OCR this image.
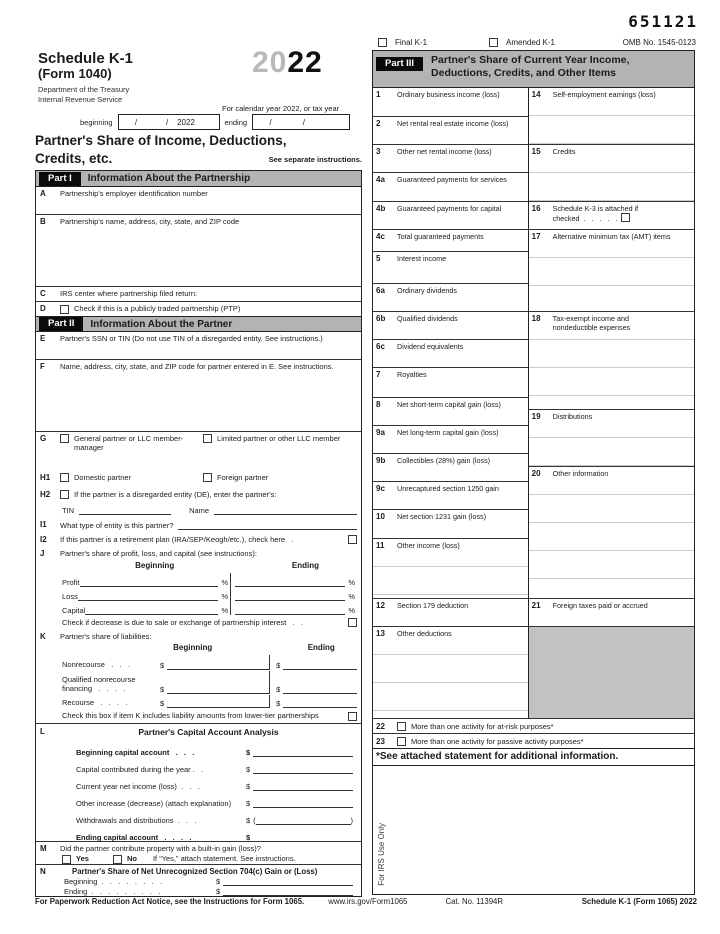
Schedule K-1
(Form 1040)
Department of the Treasury
Internal Revenue Service
2022
For calendar year 2022, or tax year
beginning	/             /    2022	ending	/              /
Partner's Share of Income, Deductions,
Credits, etc.	See separate instructions.
651121
Final K-1	Amended K-1	OMB No. 1545-0123
Part I	Information About the Partnership
A	Partnership's employer identification number
B	Partnership's name, address, city, state, and ZIP code
C	IRS center where partnership filed return:
D	Check if this is a publicly traded partnership (PTP)
Part II	Information About the Partner
E	Partner's SSN or TIN (Do not use TIN of a disregarded entity. See instructions.)
F	Name, address, city, state, and ZIP code for partner entered in E. See instructions.
G	General partner or LLC member-manager
Limited partner or other LLC member
H1	Domestic partner	Foreign partner
H2	If the partner is a disregarded entity (DE), enter the partner's:
TIN	Name
I1	What type of entity is this partner?
I2	If this partner is a retirement plan (IRA/SEP/Keogh/etc.), check here   .
J	Partner's share of profit, loss, and capital (see instructions):
Beginning	Ending
Profit	%	%
Loss	%	%
Capital	%	%
Check if decrease is due to sale or exchange of partnership interest   .   .
K	Partner's share of liabilities:
Beginning	Ending
Nonrecourse   .   .   .	$	$
Qualified nonrecourse
financing   .   .   .   .	$	$
Recourse   .   .   .   .	$	$
Check this box if item K includes liability amounts from lower-tier partnerships
L	Partner's Capital Account Analysis
Beginning capital account   .   .   .	$
Capital contributed during the year .   .	$
Current year net income (loss)  .   .   .	$
Other increase (decrease) (attach explanation)	$
Withdrawals and distributions  .   .   .	$ (	)
Ending capital account   .   .   .   .	$
M	Did the partner contribute property with a built-in gain (loss)?
Yes	No If “Yes,” attach statement. See instructions.
N	Partner's Share of Net Unrecognized Section 704(c) Gain or (Loss)
Beginning  .   .   .   .   .   .   .   .	$
Ending  .   .   .   .   .   .   .   .   .	$
Part III	Partner's Share of Current Year Income,
Deductions, Credits, and Other Items
1	Ordinary business income (loss)
2	Net rental real estate income (loss)
3	Other net rental income (loss)
4a	Guaranteed payments for services
4b	Guaranteed payments for capital
4c	Total guaranteed payments
5	Interest income
6a	Ordinary dividends
6b	Qualified dividends
6c	Dividend equivalents
7	Royalties
8	Net short-term capital gain (loss)
9a	Net long-term capital gain (loss)
9b	Collectibles (28%) gain (loss)
9c	Unrecaptured section 1250 gain
10	Net section 1231 gain (loss)
11	Other income (loss)
12	Section 179 deduction
13	Other deductions
14	Self-employment earnings (loss)
15	Credits
16	Schedule K-3 is attached if
checked  .   .   .   .   .
17	Alternative minimum tax (AMT) items
18	Tax-exempt income and nondeductible expenses
19	Distributions
20	Other information
21	Foreign taxes paid or accrued
22	More than one activity for at-risk purposes*
23	More than one activity for passive activity purposes*
*See attached statement for additional information.
For IRS Use Only
For Paperwork Reduction Act Notice, see the Instructions for Form 1065.	www.irs.gov/Form1065	Cat. No. 11394R	Schedule K-1 (Form 1065) 2022
